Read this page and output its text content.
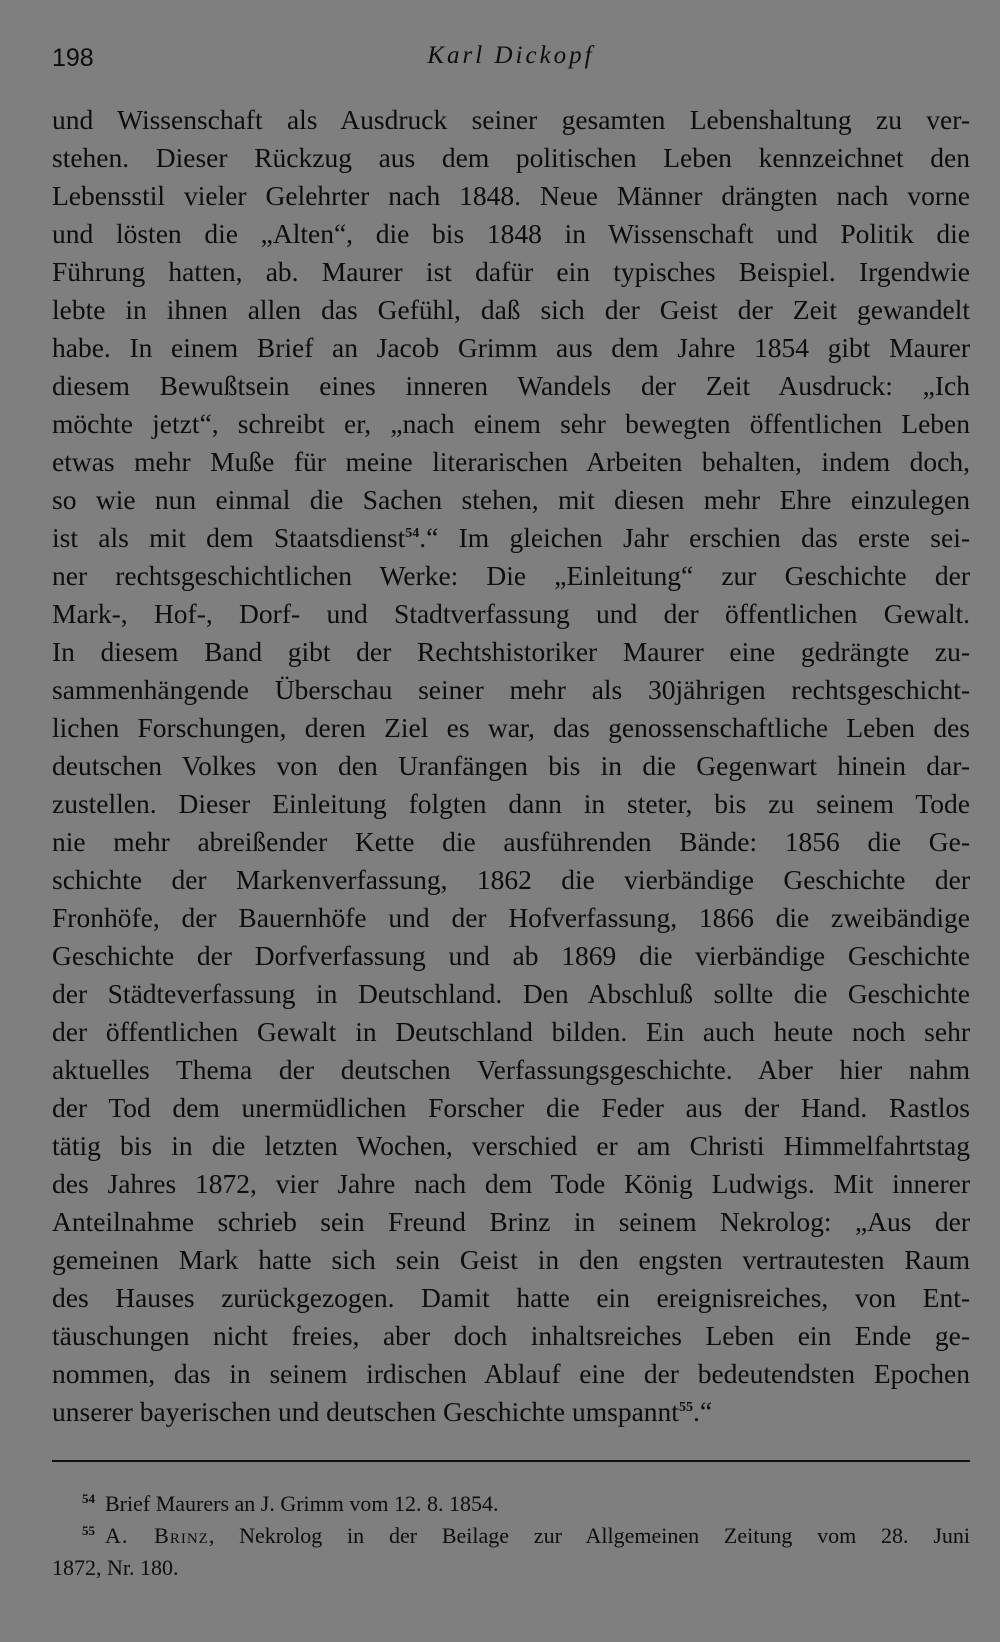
198	Karl Dickopf
und Wissenschaft als Ausdruck seiner gesamten Lebenshaltung zu ver-
stehen. Dieser Rückzug aus dem politischen Leben kennzeichnet den
Lebensstil vieler Gelehrter nach 1848. Neue Männer drängten nach vorne
und lösten die „Alten“, die bis 1848 in Wissenschaft und Politik die
Führung hatten, ab. Maurer ist dafür ein typisches Beispiel. Irgendwie
lebte in ihnen allen das Gefühl, daß sich der Geist der Zeit gewandelt
habe. In einem Brief an Jacob Grimm aus dem Jahre 1854 gibt Maurer
diesem Bewußtsein eines inneren Wandels der Zeit Ausdruck: „Ich
möchte jetzt“, schreibt er, „nach einem sehr bewegten öffentlichen Leben
etwas mehr Muße für meine literarischen Arbeiten behalten, indem doch,
so wie nun einmal die Sachen stehen, mit diesen mehr Ehre einzulegen
ist als mit dem Staatsdienst$^{54}$.“ Im gleichen Jahr erschien das erste sei-
ner rechtsgeschichtlichen Werke: Die „Einleitung“ zur Geschichte der
Mark-, Hof-, Dorf- und Stadtverfassung und der öffentlichen Gewalt.
In diesem Band gibt der Rechtshistoriker Maurer eine gedrängte zu-
sammenhängende Überschau seiner mehr als 30jährigen rechtsgeschicht-
lichen Forschungen, deren Ziel es war, das genossenschaftliche Leben des
deutschen Volkes von den Uranfängen bis in die Gegenwart hinein dar-
zustellen. Dieser Einleitung folgten dann in steter, bis zu seinem Tode
nie mehr abreißender Kette die ausführenden Bände: 1856 die Ge-
schichte der Markenverfassung, 1862 die vierbändige Geschichte der
Fronhöfe, der Bauernhöfe und der Hofverfassung, 1866 die zweibändige
Geschichte der Dorfverfassung und ab 1869 die vierbändige Geschichte
der Städteverfassung in Deutschland. Den Abschluß sollte die Geschichte
der öffentlichen Gewalt in Deutschland bilden. Ein auch heute noch sehr
aktuelles Thema der deutschen Verfassungsgeschichte. Aber hier nahm
der Tod dem unermüdlichen Forscher die Feder aus der Hand. Rastlos
tätig bis in die letzten Wochen, verschied er am Christi Himmelfahrtstag
des Jahres 1872, vier Jahre nach dem Tode König Ludwigs. Mit innerer
Anteilnahme schrieb sein Freund Brinz in seinem Nekrolog: „Aus der
gemeinen Mark hatte sich sein Geist in den engsten vertrautesten Raum
des Hauses zurückgezogen. Damit hatte ein ereignisreiches, von Ent-
täuschungen nicht freies, aber doch inhaltsreiches Leben ein Ende ge-
nommen, das in seinem irdischen Ablauf eine der bedeutendsten Epochen
unserer bayerischen und deutschen Geschichte umspannt$^{55}$.“
$^{54}$ Brief Maurers an J. Grimm vom 12. 8. 1854.
$^{55}$ A. Brinz, Nekrolog in der Beilage zur Allgemeinen Zeitung vom 28. Juni
1872, Nr. 180.
